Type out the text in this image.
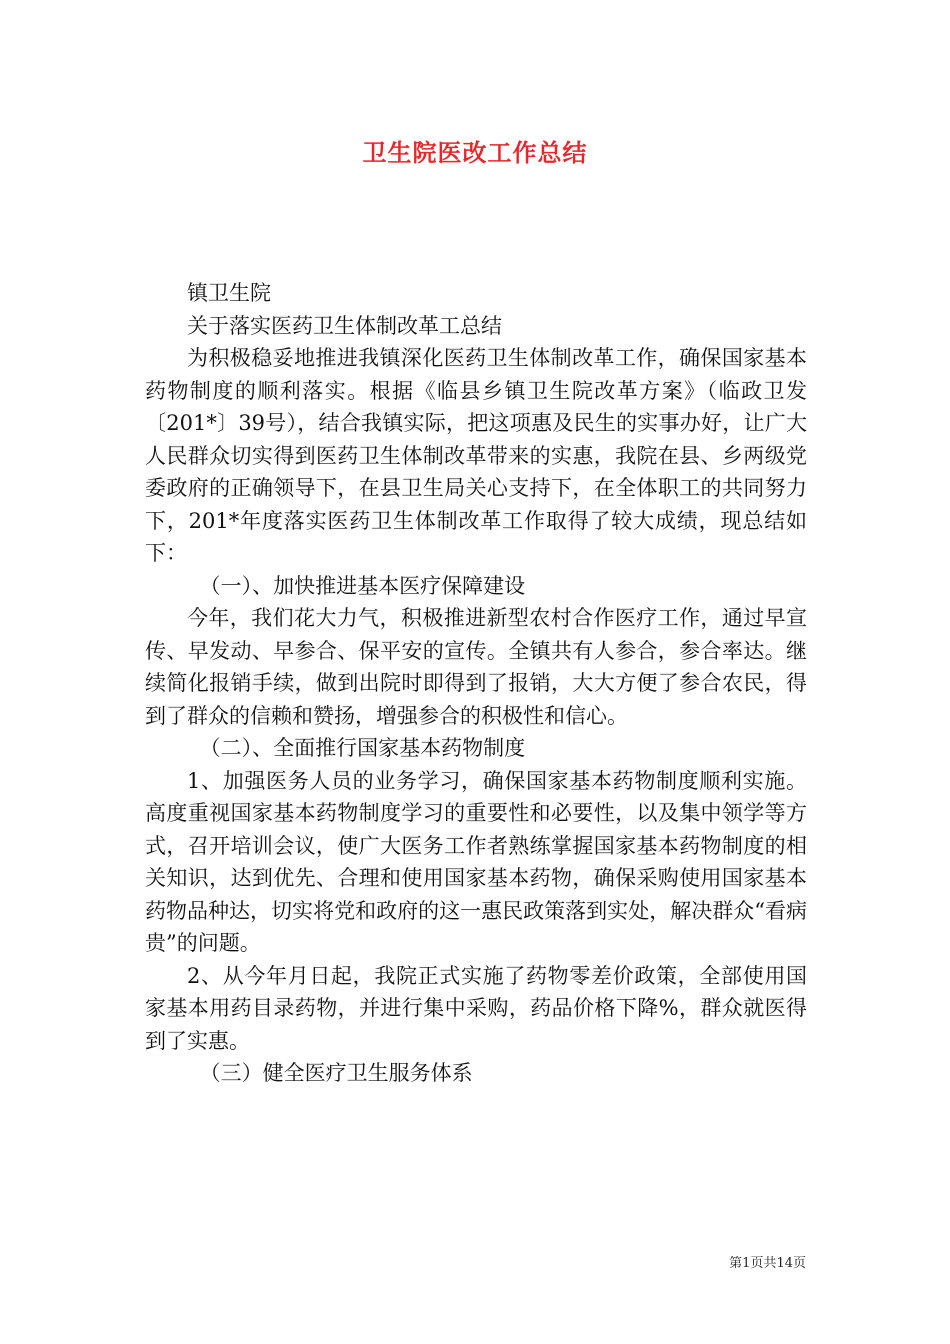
卫生院医改工作总结

镇卫生院

关于落实医药卫生体制改革工总结

为积极稳妥地推进我镇深化医药卫生体制改革工作，确保国家基本药物制度的顺利落实。根据《临县乡镇卫生院改革方案》（临政卫发〔201*〕39号），结合我镇实际，把这项惠及民生的实事办好，让广大人民群众切实得到医药卫生体制改革带来的实惠，我院在县、乡两级党委政府的正确领导下，在县卫生局关心支持下，在全体职工的共同努力下，201*年度落实医药卫生体制改革工作取得了较大成绩，现总结如下：

（一）、加快推进基本医疗保障建设

今年，我们花大力气，积极推进新型农村合作医疗工作，通过早宣传、早发动、早参合、保平安的宣传。全镇共有人参合，参合率达。继续简化报销手续，做到出院时即得到了报销，大大方便了参合农民，得到了群众的信赖和赞扬，增强参合的积极性和信心。

（二）、全面推行国家基本药物制度

1、加强医务人员的业务学习，确保国家基本药物制度顺利实施。高度重视国家基本药物制度学习的重要性和必要性，以及集中领学等方式，召开培训会议，使广大医务工作者熟练掌握国家基本药物制度的相关知识，达到优先、合理和使用国家基本药物，确保采购使用国家基本药物品种达，切实将党和政府的这一惠民政策落到实处，解决群众“看病贵”的问题。

2、从今年月日起，我院正式实施了药物零差价政策，全部使用国家基本用药目录药物，并进行集中采购，药品价格下降%，群众就医得到了实惠。

（三）健全医疗卫生服务体系

第1页共14页
